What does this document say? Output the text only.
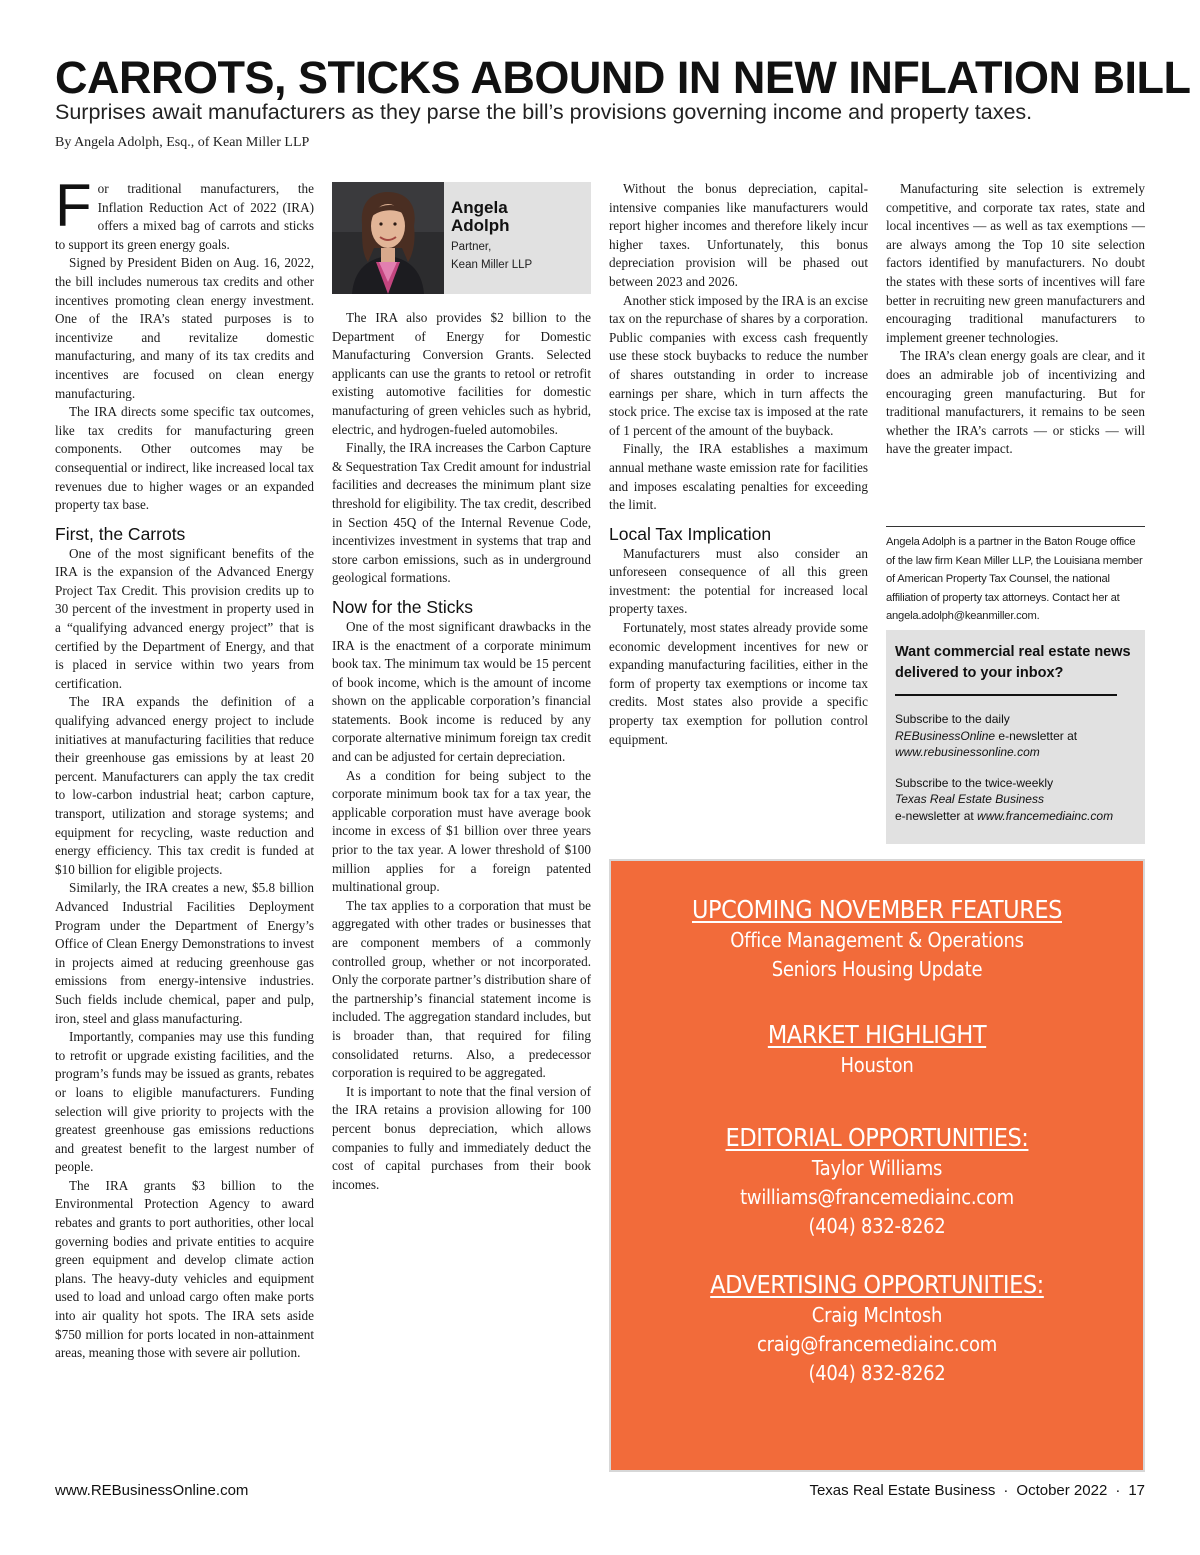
CARROTS, STICKS ABOUND IN NEW INFLATION BILL
Surprises await manufacturers as they parse the bill’s provisions governing income and property taxes.
By Angela Adolph, Esq., of Kean Miller LLP

For traditional manufacturers, the Inflation Reduction Act of 2022 (IRA) offers a mixed bag of carrots and sticks to support its green energy goals.

Signed by President Biden on Aug. 16, 2022, the bill includes numerous tax credits and other incentives promoting clean energy investment. One of the IRA’s stated purposes is to incentivize and revitalize domestic manufacturing, and many of its tax credits and incentives are focused on clean energy manufacturing.

The IRA directs some specific tax outcomes, like tax credits for manufacturing green components. Other outcomes may be consequential or indirect, like increased local tax revenues due to higher wages or an expanded property tax base.

First, the Carrots

One of the most significant benefits of the IRA is the expansion of the Advanced Energy Project Tax Credit. This provision credits up to 30 percent of the investment in property used in a “qualifying advanced energy project” that is certified by the Department of Energy, and that is placed in service within two years from certification.

The IRA expands the definition of a qualifying advanced energy project to include initiatives at manufacturing facilities that reduce their greenhouse gas emissions by at least 20 percent. Manufacturers can apply the tax credit to low-carbon industrial heat; carbon capture, transport, utilization and storage systems; and equipment for recycling, waste reduction and energy efficiency. This tax credit is funded at $10 billion for eligible projects.

Similarly, the IRA creates a new, $5.8 billion Advanced Industrial Facilities Deployment Program under the Department of Energy’s Office of Clean Energy Demonstrations to invest in projects aimed at reducing greenhouse gas emissions from energy-intensive industries. Such fields include chemical, paper and pulp, iron, steel and glass manufacturing.

Importantly, companies may use this funding to retrofit or upgrade existing facilities, and the program’s funds may be issued as grants, rebates or loans to eligible manufacturers. Funding selection will give priority to projects with the greatest greenhouse gas emissions reductions and greatest benefit to the largest number of people.

The IRA grants $3 billion to the Environmental Protection Agency to award rebates and grants to port authorities, other local governing bodies and private entities to acquire green equipment and develop climate action plans. The heavy-duty vehicles and equipment used to load and unload cargo often make ports into air quality hot spots. The IRA sets aside $750 million for ports located in non-attainment areas, meaning those with severe air pollution.

Angela
Adolph
Partner,
Kean Miller LLP

The IRA also provides $2 billion to the Department of Energy for Domestic Manufacturing Conversion Grants. Selected applicants can use the grants to retool or retrofit existing automotive facilities for domestic manufacturing of green vehicles such as hybrid, electric, and hydrogen-fueled automobiles.

Finally, the IRA increases the Carbon Capture & Sequestration Tax Credit amount for industrial facilities and decreases the minimum plant size threshold for eligibility. The tax credit, described in Section 45Q of the Internal Revenue Code, incentivizes investment in systems that trap and store carbon emissions, such as in underground geological formations.

Now for the Sticks

One of the most significant drawbacks in the IRA is the enactment of a corporate minimum book tax. The minimum tax would be 15 percent of book income, which is the amount of income shown on the applicable corporation’s financial statements. Book income is reduced by any corporate alternative minimum foreign tax credit and can be adjusted for certain depreciation.

As a condition for being subject to the corporate minimum book tax for a tax year, the applicable corporation must have average book income in excess of $1 billion over three years prior to the tax year. A lower threshold of $100 million applies for a foreign patented multinational group.

The tax applies to a corporation that must be aggregated with other trades or businesses that are component members of a commonly controlled group, whether or not incorporated. Only the corporate partner’s distribution share of the partnership’s financial statement income is included. The aggregation standard includes, but is broader than, that required for filing consolidated returns. Also, a predecessor corporation is required to be aggregated.

It is important to note that the final version of the IRA retains a provision allowing for 100 percent bonus depreciation, which allows companies to fully and immediately deduct the cost of capital purchases from their book incomes.

Without the bonus depreciation, capital-intensive companies like manufacturers would report higher incomes and therefore likely incur higher taxes. Unfortunately, this bonus depreciation provision will be phased out between 2023 and 2026.

Another stick imposed by the IRA is an excise tax on the repurchase of shares by a corporation. Public companies with excess cash frequently use these stock buybacks to reduce the number of shares outstanding in order to increase earnings per share, which in turn affects the stock price. The excise tax is imposed at the rate of 1 percent of the amount of the buyback.

Finally, the IRA establishes a maximum annual methane waste emission rate for facilities and imposes escalating penalties for exceeding the limit.

Local Tax Implication

Manufacturers must also consider an unforeseen consequence of all this green investment: the potential for increased local property taxes.

Fortunately, most states already provide some economic development incentives for new or expanding manufacturing facilities, either in the form of property tax exemptions or income tax credits. Most states also provide a specific property tax exemption for pollution control equipment.

Manufacturing site selection is extremely competitive, and corporate tax rates, state and local incentives — as well as tax exemptions — are always among the Top 10 site selection factors identified by manufacturers. No doubt the states with these sorts of incentives will fare better in recruiting new green manufacturers and encouraging traditional manufacturers to implement greener technologies.

The IRA’s clean energy goals are clear, and it does an admirable job of incentivizing and encouraging green manufacturing. But for traditional manufacturers, it remains to be seen whether the IRA’s carrots — or sticks — will have the greater impact.

Angela Adolph is a partner in the Baton Rouge office of the law firm Kean Miller LLP, the Louisiana member of American Property Tax Counsel, the national affiliation of property tax attorneys. Contact her at angela.adolph@keanmiller.com.
Want commercial real estate news delivered to your inbox?
Subscribe to the daily
REBusinessOnline e-newsletter at
www.rebusinessonline.com
Subscribe to the twice-weekly
Texas Real Estate Business
e-newsletter at www.francemediainc.com
UPCOMING NOVEMBER FEATURES
Office Management & Operations
Seniors Housing Update
MARKET HIGHLIGHT
Houston
EDITORIAL OPPORTUNITIES:
Taylor Williams
twilliams@francemediainc.com
(404) 832-8262
ADVERTISING OPPORTUNITIES:
Craig McIntosh
craig@francemediainc.com
(404) 832-8262
www.REBusinessOnline.com	Texas Real Estate Business · October 2022 · 17
